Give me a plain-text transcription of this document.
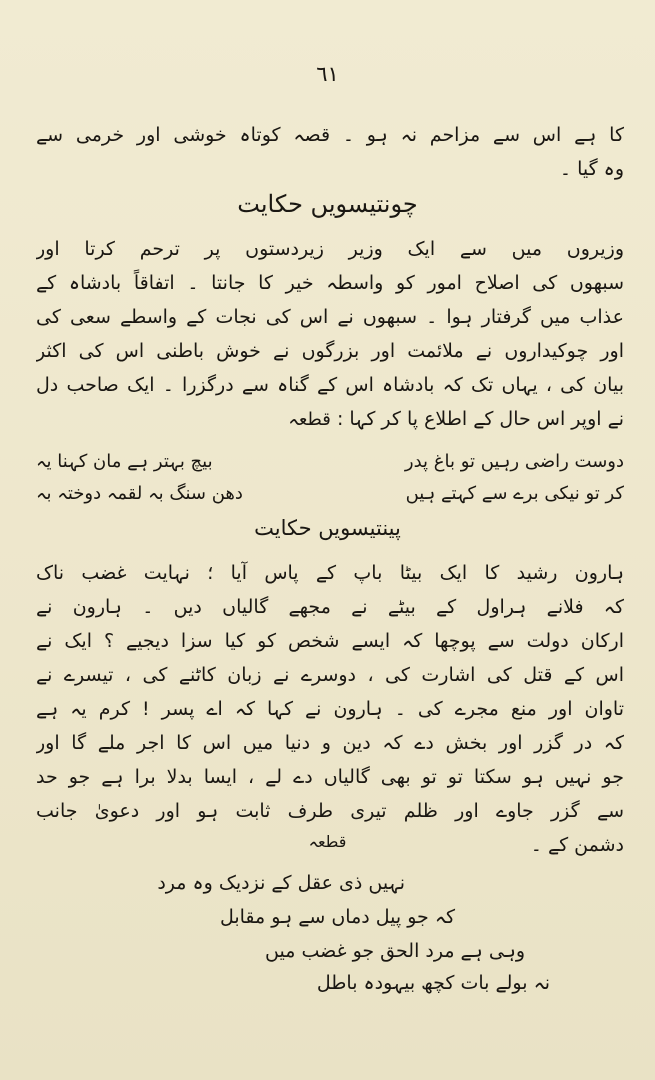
٦١
کا ہے اس سے مزاحم نہ ہو ۔ قصہ کوتاہ خوشی اور خرمی سے
وہ گیا ۔
چونتیسویں حکایت
وزیروں میں سے ایک وزیر زیردستوں پر ترحم کرتا اور
سبھوں کی اصلاح امور کو واسطہ خیر کا جانتا ۔ اتفاقاً بادشاہ کے
عذاب میں گرفتار ہوا ۔ سبھوں نے اس کی نجات کے واسطے سعی کی
اور چوکیداروں نے ملائمت اور بزرگوں نے خوش باطنی اس کی اکثر
بیان کی ، یہاں تک کہ بادشاہ اس کے گناہ سے درگزرا ۔ ایک صاحب دل
نے اوپر اس حال کے اطلاع پا کر کہا : قطعہ
دوست راضی رہیں تو باغ پدر
بیچ بہتر ہے مان کہنا یہ
کر تو نیکی برے سے کہتے ہیں
دھن سنگ بہ لقمہ دوختہ بہ
پینتیسویں حکایت
ہارون رشید کا ایک بیٹا باپ کے پاس آیا ؛ نہایت غضب ناک
کہ فلانے ہراول کے بیٹے نے مجھے گالیاں دیں ۔ ہارون نے
ارکان دولت سے پوچھا کہ ایسے شخص کو کیا سزا دیجیے ؟ ایک نے
اس کے قتل کی اشارت کی ، دوسرے نے زبان کاٹنے کی ، تیسرے نے
تاوان اور منع مجرے کی ۔ ہارون نے کہا کہ اے پسر ! کرم یہ ہے
کہ در گزر اور بخش دے کہ دین و دنیا میں اس کا اجر ملے گا اور
جو نہیں ہو سکتا تو تو بھی گالیاں دے لے ، ایسا بدلا برا ہے جو حد
سے گزر جاوے اور ظلم تیری طرف ثابت ہو اور دعویٰ جانب
دشمن کے ۔
قطعہ
نہیں ذی عقل کے نزدیک وہ مرد
کہ جو پیل دماں سے ہو مقابل
وہی ہے مرد الحق جو غضب میں
نہ بولے بات کچھ بیہودہ باطل
